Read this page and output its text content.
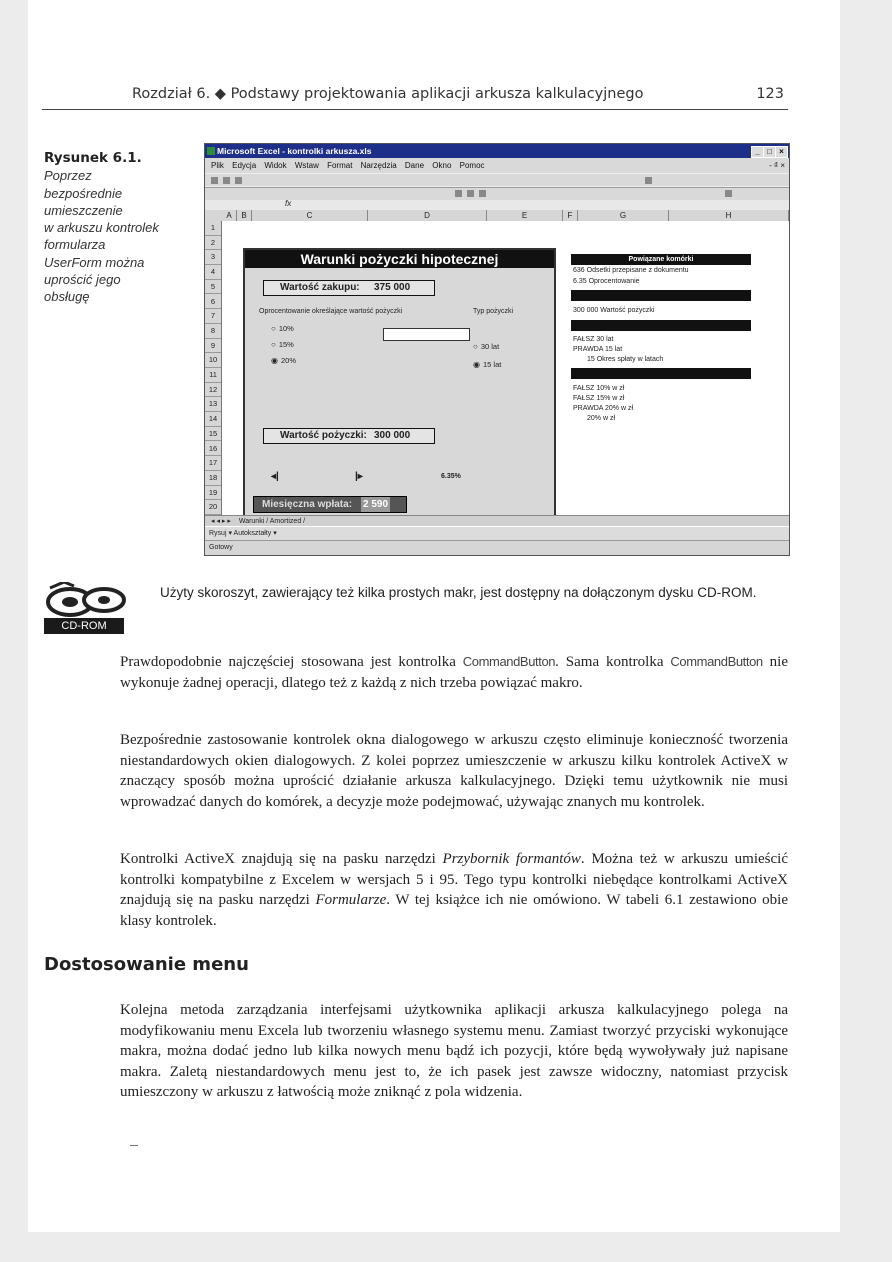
Rozdział 6. ◆ Podstawy projektowania aplikacji arkusza kalkulacyjnego	123
Rysunek 6.1.
Poprzez
bezpośrednie
umieszczenie
w arkuszu kontrolek
formularza
UserForm można
uprościć jego
obsługę
Microsoft Excel - kontrolki arkusza.xls	_ □ ×
Plik Edycja Widok Wstaw Format Narzędzia Dane Okno Pomoc	- ₫ ×
fx
A	B	C	D	E	F	G	H
1
2
3
4
5
6
7
8
9
10
11
12
13
14
15
16
17
18
19
20
Warunki pożyczki hipotecznej
Wartość zakupu: 375 000
Oprocentowanie określające wartość pożyczki	Typ pożyczki
○ 10%
○ 15%
◉ 20%
○ 30 lat
◉ 15 lat
Wartość pożyczki: 300 000
◂|	|▸	6.35%
Miesięczna wpłata: 2 590
Powiązane komórki
636 Odsetki przepisane z dokumentu
6.35 Oprocentowanie
300 000 Wartość pożyczki
FAŁSZ 30 lat
PRAWDA 15 lat
15 Okres spłaty w latach
FAŁSZ 10% w zł
FAŁSZ 15% w zł
PRAWDA 20% w zł
20% w zł
◂ ◂ ▸ ▸ Warunki / Amortized /
Rysuj ▾ Autokształty ▾
Gotowy
CD-ROM
Użyty skoroszyt, zawierający też kilka prostych makr, jest dostępny na dołączonym dysku CD-ROM.

Prawdopodobnie najczęściej stosowana jest kontrolka CommandButton. Sama kontrolka CommandButton nie wykonuje żadnej operacji, dlatego też z każdą z nich trzeba powiązać makro.

Bezpośrednie zastosowanie kontrolek okna dialogowego w arkuszu często eliminuje konieczność tworzenia niestandardowych okien dialogowych. Z kolei poprzez umieszczenie w arkuszu kilku kontrolek ActiveX w znaczący sposób można uprościć działanie arkusza kalkulacyjnego. Dzięki temu użytkownik nie musi wprowadzać danych do komórek, a decyzje może podejmować, używając znanych mu kontrolek.

Kontrolki ActiveX znajdują się na pasku narzędzi Przybornik formantów. Można też w arkuszu umieścić kontrolki kompatybilne z Excelem w wersjach 5 i 95. Tego typu kontrolki niebędące kontrolkami ActiveX znajdują się na pasku narzędzi Formularze. W tej książce ich nie omówiono. W tabeli 6.1 zestawiono obie klasy kontrolek.

Dostosowanie menu
Kolejna metoda zarządzania interfejsami użytkownika aplikacji arkusza kalkulacyjnego polega na modyfikowaniu menu Excela lub tworzeniu własnego systemu menu. Zamiast tworzyć przyciski wykonujące makra, można dodać jedno lub kilka nowych menu bądź ich pozycji, które będą wywoływały już napisane makra. Zaletą niestandardowych menu jest to, że ich pasek jest zawsze widoczny, natomiast przycisk umieszczony w arkuszu z łatwością może zniknąć z pola widzenia.
